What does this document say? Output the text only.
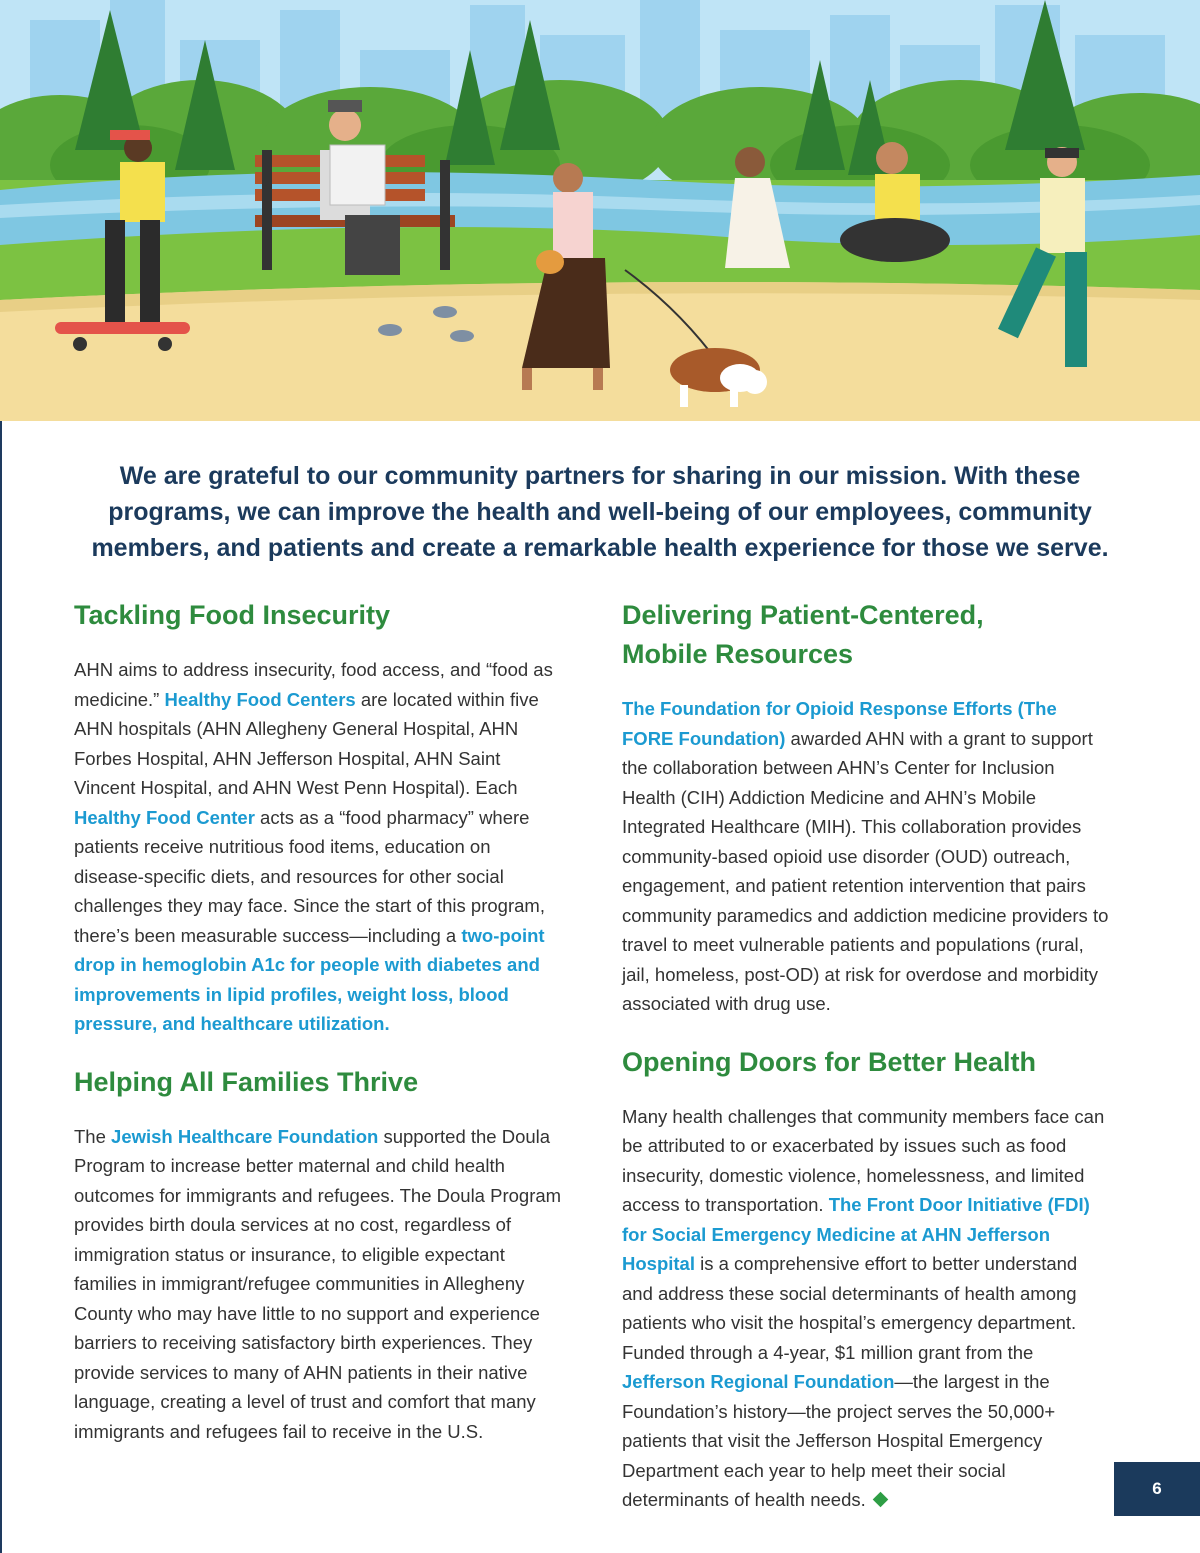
We are grateful to our community partners for sharing in our mission. With these programs, we can improve the health and well-being of our employees, community members, and patients and create a remarkable health experience for those we serve.
Tackling Food Insecurity

AHN aims to address insecurity, food access, and “food as medicine.” Healthy Food Centers are located within five AHN hospitals (AHN Allegheny General Hospital, AHN Forbes Hospital, AHN Jefferson Hospital, AHN Saint Vincent Hospital, and AHN West Penn Hospital). Each Healthy Food Center acts as a “food pharmacy” where patients receive nutritious food items, education on disease-specific diets, and resources for other social challenges they may face. Since the start of this program, there’s been measurable success—including a two-point drop in hemoglobin A1c for people with diabetes and improvements in lipid profiles, weight loss, blood pressure, and healthcare utilization.

Helping All Families Thrive

The Jewish Healthcare Foundation supported the Doula Program to increase better maternal and child health outcomes for immigrants and refugees. The Doula Program provides birth doula services at no cost, regardless of immigration status or insurance, to eligible expectant families in immigrant/refugee communities in Allegheny County who may have little to no support and experience barriers to receiving satisfactory birth experiences. They provide services to many of AHN patients in their native language, creating a level of trust and comfort that many immigrants and refugees fail to receive in the U.S.

Delivering Patient-Centered,
Mobile Resources

The Foundation for Opioid Response Efforts (The FORE Foundation) awarded AHN with a grant to support the collaboration between AHN’s Center for Inclusion Health (CIH) Addiction Medicine and AHN’s Mobile Integrated Healthcare (MIH). This collaboration provides community-based opioid use disorder (OUD) outreach, engagement, and patient retention intervention that pairs community paramedics and addiction medicine providers to travel to meet vulnerable patients and populations (rural, jail, homeless, post-OD) at risk for overdose and morbidity associated with drug use.

Opening Doors for Better Health

Many health challenges that community members face can be attributed to or exacerbated by issues such as food insecurity, domestic violence, homelessness, and limited access to transportation. The Front Door Initiative (FDI) for Social Emergency Medicine at AHN Jefferson Hospital is a comprehensive effort to better understand and address these social determinants of health among patients who visit the hospital’s emergency department. Funded through a 4-year, $1 million grant from the Jefferson Regional Foundation—the largest in the Foundation’s history—the project serves the 50,000+ patients that visit the Jefferson Hospital Emergency Department each year to help meet their social determinants of health needs.

6
